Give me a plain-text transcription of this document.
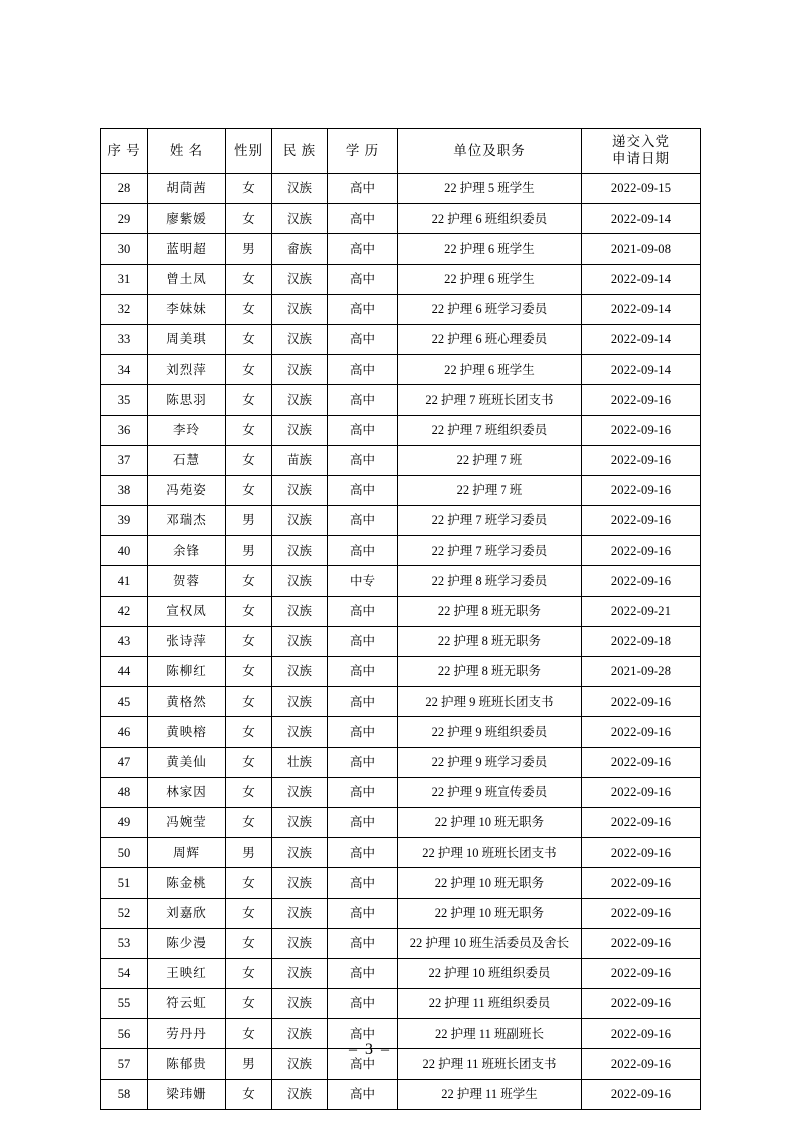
序 号	姓 名	性别	民 族	学 历	单位及职务	递交入党
申请日期

28	胡茼茜	女	汉族	高中	22 护理 5 班学生	2022-09-15
29	廖紫媛	女	汉族	高中	22 护理 6 班组织委员	2022-09-14
30	蓝明超	男	畲族	高中	22 护理 6 班学生	2021-09-08
31	曾土凤	女	汉族	高中	22 护理 6 班学生	2022-09-14
32	李妹妹	女	汉族	高中	22 护理 6 班学习委员	2022-09-14
33	周美琪	女	汉族	高中	22 护理 6 班心理委员	2022-09-14
34	刘烈萍	女	汉族	高中	22 护理 6 班学生	2022-09-14
35	陈思羽	女	汉族	高中	22 护理 7 班班长团支书	2022-09-16
36	李玲	女	汉族	高中	22 护理 7 班组织委员	2022-09-16
37	石慧	女	苗族	高中	22 护理 7 班	2022-09-16
38	冯苑姿	女	汉族	高中	22 护理 7 班	2022-09-16
39	邓瑞杰	男	汉族	高中	22 护理 7 班学习委员	2022-09-16
40	余锋	男	汉族	高中	22 护理 7 班学习委员	2022-09-16
41	贺蓉	女	汉族	中专	22 护理 8 班学习委员	2022-09-16
42	宣权凤	女	汉族	高中	22 护理 8 班无职务	2022-09-21
43	张诗萍	女	汉族	高中	22 护理 8 班无职务	2022-09-18
44	陈柳红	女	汉族	高中	22 护理 8 班无职务	2021-09-28
45	黄格然	女	汉族	高中	22 护理 9 班班长团支书	2022-09-16
46	黄映榕	女	汉族	高中	22 护理 9 班组织委员	2022-09-16
47	黄美仙	女	壮族	高中	22 护理 9 班学习委员	2022-09-16
48	林家因	女	汉族	高中	22 护理 9 班宣传委员	2022-09-16
49	冯婉莹	女	汉族	高中	22 护理 10 班无职务	2022-09-16
50	周辉	男	汉族	高中	22 护理 10 班班长团支书	2022-09-16
51	陈金桃	女	汉族	高中	22 护理 10 班无职务	2022-09-16
52	刘嘉欣	女	汉族	高中	22 护理 10 班无职务	2022-09-16
53	陈少漫	女	汉族	高中	22 护理 10 班生活委员及舍长	2022-09-16
54	王映红	女	汉族	高中	22 护理 10 班组织委员	2022-09-16
55	符云虹	女	汉族	高中	22 护理 11 班组织委员	2022-09-16
56	劳丹丹	女	汉族	高中	22 护理 11 班副班长	2022-09-16
57	陈郁贵	男	汉族	高中	22 护理 11 班班长团支书	2022-09-16
58	梁玮姗	女	汉族	高中	22 护理 11 班学生	2022-09-16
– 3 –
